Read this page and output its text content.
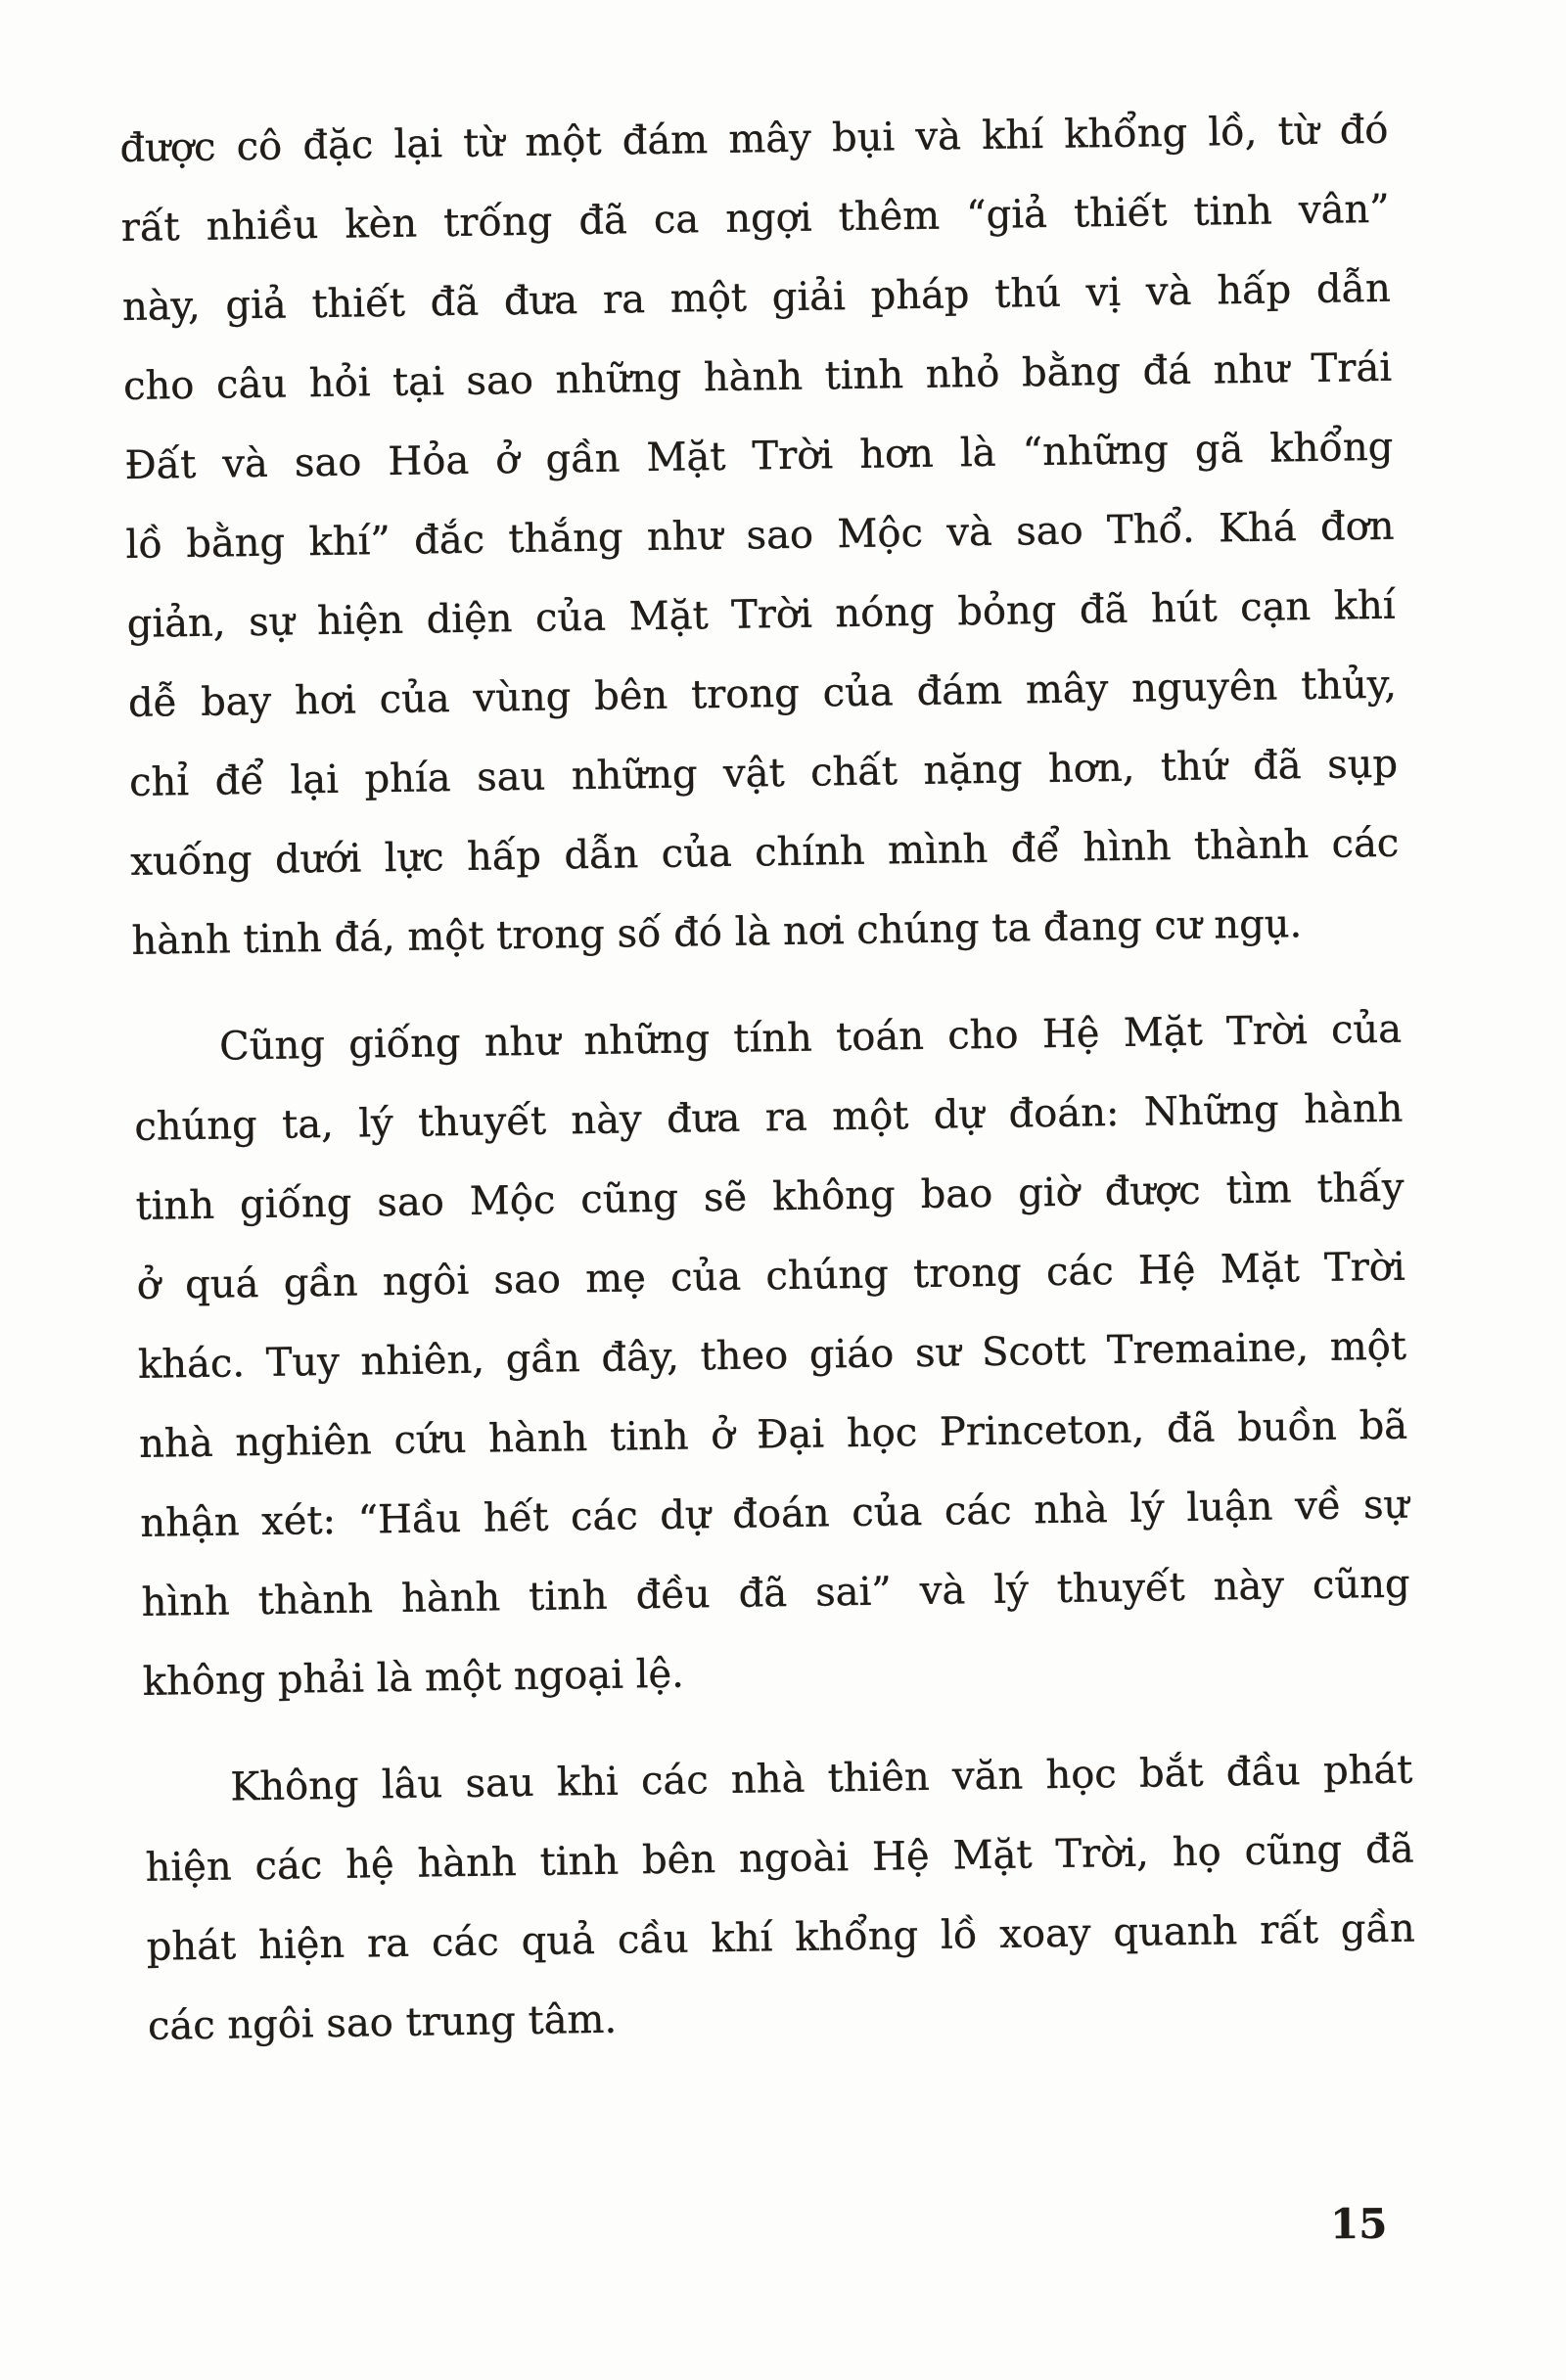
được cô đặc lại từ một đám mây bụi và khí khổng lồ, từ đó
rất nhiều kèn trống đã ca ngợi thêm “giả thiết tinh vân”
này, giả thiết đã đưa ra một giải pháp thú vị và hấp dẫn
cho câu hỏi tại sao những hành tinh nhỏ bằng đá như Trái
Đất và sao Hỏa ở gần Mặt Trời hơn là “những gã khổng
lồ bằng khí” đắc thắng như sao Mộc và sao Thổ. Khá đơn
giản, sự hiện diện của Mặt Trời nóng bỏng đã hút cạn khí
dễ bay hơi của vùng bên trong của đám mây nguyên thủy,
chỉ để lại phía sau những vật chất nặng hơn, thứ đã sụp
xuống dưới lực hấp dẫn của chính mình để hình thành các
hành tinh đá, một trong số đó là nơi chúng ta đang cư ngụ.
Cũng giống như những tính toán cho Hệ Mặt Trời của
chúng ta, lý thuyết này đưa ra một dự đoán: Những hành
tinh giống sao Mộc cũng sẽ không bao giờ được tìm thấy
ở quá gần ngôi sao mẹ của chúng trong các Hệ Mặt Trời
khác. Tuy nhiên, gần đây, theo giáo sư Scott Tremaine, một
nhà nghiên cứu hành tinh ở Đại học Princeton, đã buồn bã
nhận xét: “Hầu hết các dự đoán của các nhà lý luận về sự
hình thành hành tinh đều đã sai” và lý thuyết này cũng
không phải là một ngoại lệ.
Không lâu sau khi các nhà thiên văn học bắt đầu phát
hiện các hệ hành tinh bên ngoài Hệ Mặt Trời, họ cũng đã
phát hiện ra các quả cầu khí khổng lồ xoay quanh rất gần
các ngôi sao trung tâm.
15
